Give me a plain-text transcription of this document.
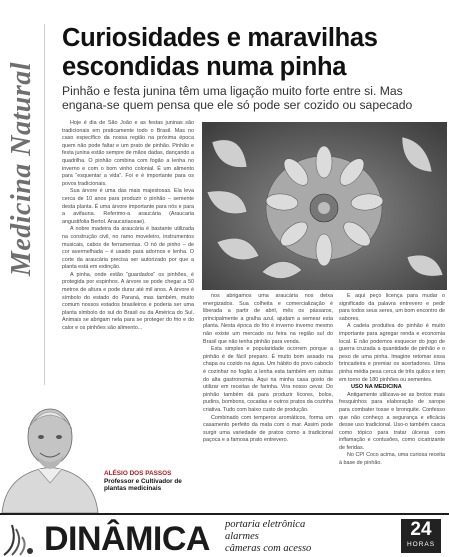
Medicina Natural
Curiosidades e maravilhas escondidas numa pinha
Pinhão e festa junina têm uma ligação muito forte entre si. Mas engana-se quem pensa que ele só pode ser cozido ou sapecado

Hoje é dia de São João e as festas juninas são tradicionais em praticamente todo o Brasil. Mas no caso específico da nossa região na próxima época quem não pode faltar e um prato de pinhão. Pinhão e festa junina estão sempre de mãos dadas, dançando a quadrilha. O pinhão combina com fogão a lenha no inverno e com o bom vinho colonial. É um alimento para “esquentar a vida”. Foi e é importante para os povos tradicionais.

Sua árvore é uma das mais majestosas. Ela leva cerca de 10 anos para produzir o pinhão – semente desta planta. É uma árvore importante para nós e para a avifauna. Referimo-a araucária (Araucaria angustifolia Bertol. Araucariaceae).

A nobre madeira da araucária é bastante utilizada na construção civil, no ramo moveleiro, instrumentos musicais, cabos de ferramentas. O nó de pinho – de cor avermelhada – é usado para adornos e lenha. O corte da araucária precisa ser autorizado por que a planta está em extinção.

A pinha, onde estão “guardados” os pinhões, é protegida por espinhos. A árvore se pode chegar a 50 metros de altura e pode durar até mil anos. A árvore é símbolo do estado do Paraná, mas também, muito comum nossos estados brasileiros e poderia ser uma planta símbolo do sul do Brasil ou da América do Sul. Animais se abrigam nela para se proteger do frio e do calor e os pinhões são alimento...

nos abrigamos uma araucária nos deixa energizados. Sua colheita e comercialização é liberada a partir de abril, mês os pássaros, principalmente a gralha azul, ajudam a semear esta planta. Nesta época do frio é inverno inverno mesmo não existe um mercado ou feira na região sul do Brasil que não tenha pinhão para venda.

Esta simples e popularidade ocorrem porque a pinhão é de fácil preparo. É muito bom assado na chapa ou cozido na água. Um hábito do povo caboclo é cozinhar no fogão a lenha esta também em outras do alta gastronomia. Aqui na minha casa gosto de utilizar em receitas de farinha. Vira nosso cevar. Do pinhão também dá para produzir licores, bolos, pudins, bombons, cocadas e outros pratos da cozinha criativa. Tudo com baixo custo de produção.

Combinado com temperos aromáticos, forma um casamento perfeito da mata com o mar. Assim pode surgir uma variedade de pratos como a tradicional paçoca e a famosa prato entrevero.

E aqui peço licença para mudar o significado da palavra entrevero e pedir para todos seus seres, um bom encontro de sabores.

A cadeia produtiva do pinhão é muito importante para agregar renda e economia local. E não podemos esquecer do jogo de guerra cruzada a quantidade de pinhão e o peso de uma pinha. Imagine retomar essa brincadeira e premiar os acertadores. Uma pinha média pesa cerca de três quilos e tem em torno de 180 pinhões ou sementes.

USO NA MEDICINA

Antigamente utilizava-se as brotos mais fresquinhos para elaboração de xarope para combater tosse e bronquite. Confesso que não conheço a segurança e eficácia desse uso tradicional. Uso-o também casca como tópico para tratar úlceras com inflamação e contusões, como cicatrizante de feridas.

No CPI Coco acima, uma curiosa receita à base de pinhão.

ALÉSIO DOS PASSOS
Professor e Cultivador de plantas medicinais
DINÂMICA portaria eletrônica
alarmes
câmeras com acesso
24
HORAS
